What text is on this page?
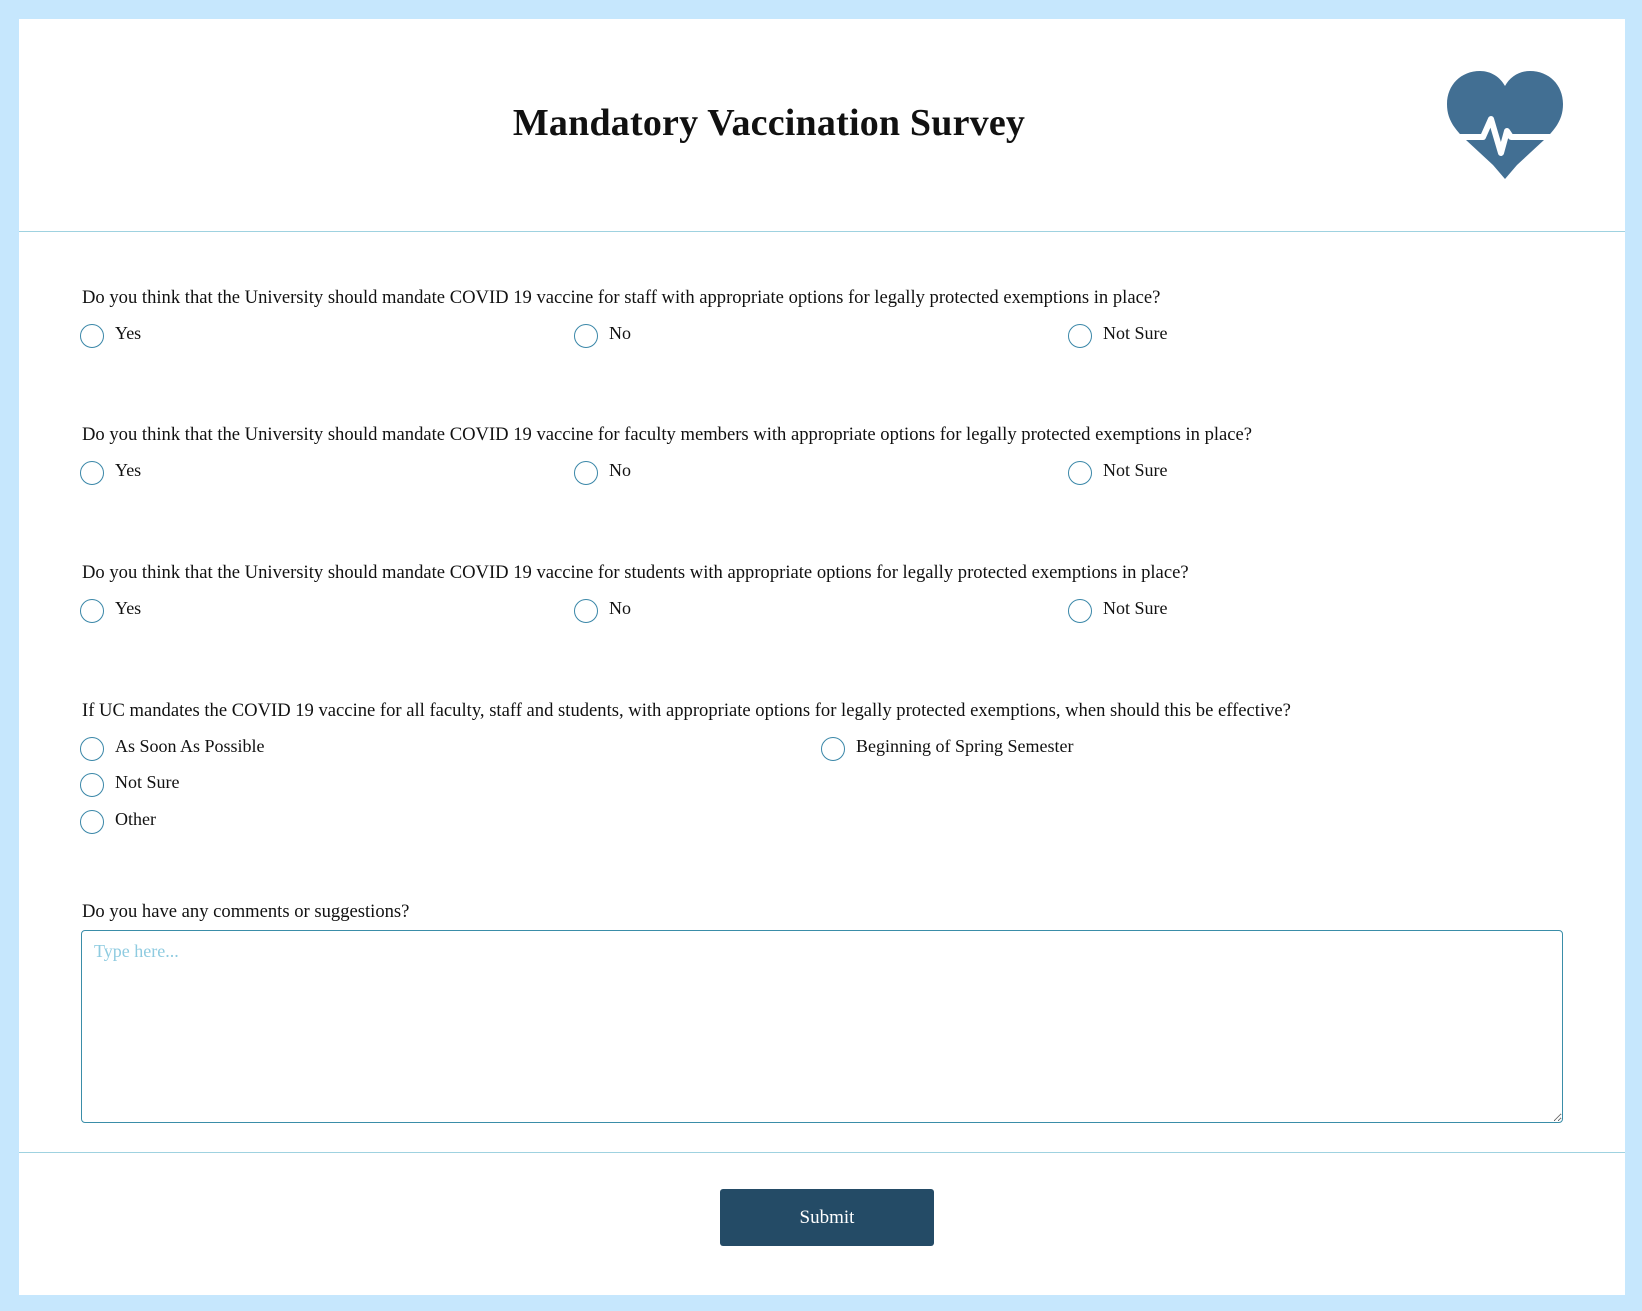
Mandatory Vaccination Survey
Do you think that the University should mandate COVID 19 vaccine for staff with appropriate options for legally protected exemptions in place?
Yes	No	Not Sure
Do you think that the University should mandate COVID 19 vaccine for faculty members with appropriate options for legally protected exemptions in place?
Yes	No	Not Sure
Do you think that the University should mandate COVID 19 vaccine for students with appropriate options for legally protected exemptions in place?
Yes	No	Not Sure
If UC mandates the COVID 19 vaccine for all faculty, staff and students, with appropriate options for legally protected exemptions, when should this be effective?
As Soon As Possible	Beginning of Spring Semester
Not Sure
Other
Do you have any comments or suggestions?
Type here...
Submit
